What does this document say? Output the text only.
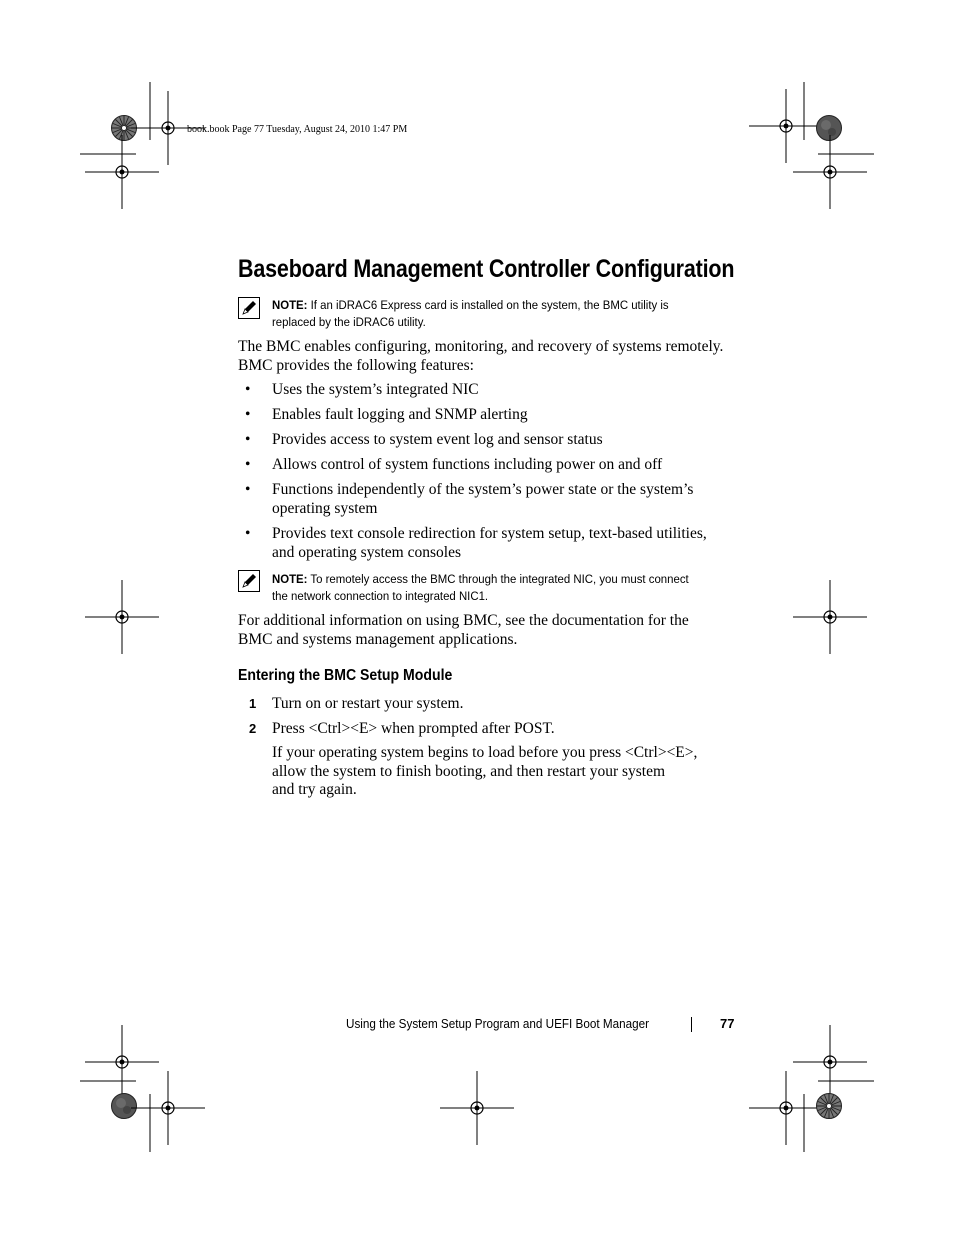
book.book Page 77 Tuesday, August 24, 2010 1:47 PM
Baseboard Management Controller Configuration
NOTE: If an iDRAC6 Express card is installed on the system, the BMC utility is
replaced by the iDRAC6 utility.
The BMC enables configuring, monitoring, and recovery of systems remotely.
BMC provides the following features:
• Uses the system’s integrated NIC
• Enables fault logging and SNMP alerting
• Provides access to system event log and sensor status
• Allows control of system functions including power on and off
• Functions independently of the system’s power state or the system’s
operating system
• Provides text console redirection for system setup, text-based utilities,
and operating system consoles
NOTE: To remotely access the BMC through the integrated NIC, you must connect
the network connection to integrated NIC1.
For additional information on using BMC, see the documentation for the
BMC and systems management applications.
Entering the BMC Setup Module
1 Turn on or restart your system.
2 Press <Ctrl><E> when prompted after POST.
If your operating system begins to load before you press <Ctrl><E>,
allow the system to finish booting, and then restart your system
and try again.
Using the System Setup Program and UEFI Boot Manager	77
